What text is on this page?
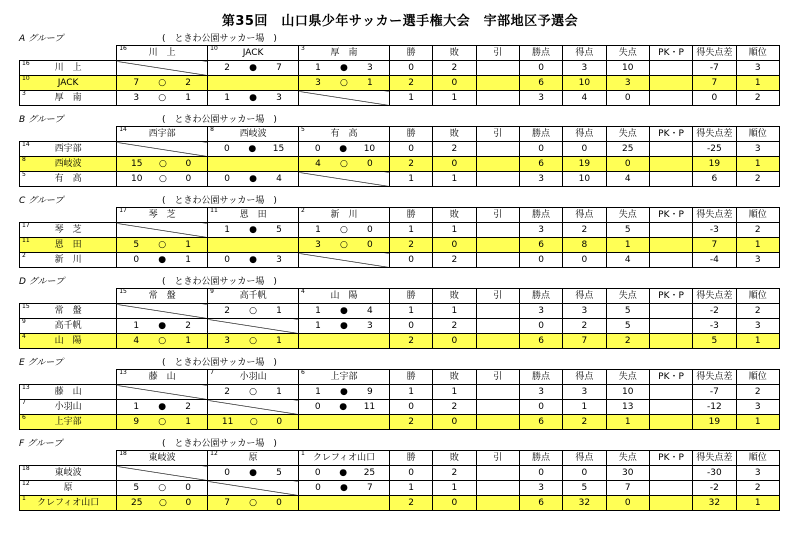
第35回　山口県少年サッカー選手権大会　宇部地区予選会
A グループ	(　ときわ公園サッカー場　)

	16 川　上	10 JACK	3 厚　南	勝	敗	引	勝点	得点	失点	PK・P	得失点差	順位

16 川　上		2 ● 7	1 ● 3	0	2		0	3	10		-7	3

10 JACK	7 ○ 2		3 ○ 1	2	0		6	10	3		7	1

3 厚　南	3 ○ 1	1 ● 3		1	1		3	4	0		0	2
B グループ	(　ときわ公園サッカー場　)

	14 西宇部	8 西岐波	5 有　高	勝	敗	引	勝点	得点	失点	PK・P	得失点差	順位

14 西宇部		0 ● 15	0 ● 10	0	2		0	0	25		-25	3

8 西岐波	15 ○ 0		4 ○ 0	2	0		6	19	0		19	1

5 有　高	10 ○ 0	0 ● 4		1	1		3	10	4		6	2
C グループ	(　ときわ公園サッカー場　)

	17 琴　芝	11 恩　田	2 新　川	勝	敗	引	勝点	得点	失点	PK・P	得失点差	順位

17 琴　芝		1 ● 5	1 ○ 0	1	1		3	2	5		-3	2

11 恩　田	5 ○ 1		3 ○ 0	2	0		6	8	1		7	1

2 新　川	0 ● 1	0 ● 3		0	2		0	0	4		-4	3
D グループ	(　ときわ公園サッカー場　)

	15 常　盤	9 高千帆	4 山　陽	勝	敗	引	勝点	得点	失点	PK・P	得失点差	順位

15 常　盤		2 ○ 1	1 ● 4	1	1		3	3	5		-2	2

9 高千帆	1 ● 2		1 ● 3	0	2		0	2	5		-3	3

4 山　陽	4 ○ 1	3 ○ 1		2	0		6	7	2		5	1
E グループ	(　ときわ公園サッカー場　)

	13 藤　山	7 小羽山	6 上宇部	勝	敗	引	勝点	得点	失点	PK・P	得失点差	順位

13 藤　山		2 ○ 1	1 ● 9	1	1		3	3	10		-7	2

7 小羽山	1 ● 2		0 ● 11	0	2		0	1	13		-12	3

6 上宇部	9 ○ 1	11 ○ 0		2	0		6	2	1		19	1
F グループ	(　ときわ公園サッカー場　)

	18 東岐波	12 原	1 クレフィオ山口	勝	敗	引	勝点	得点	失点	PK・P	得失点差	順位

18 東岐波		0 ● 5	0 ● 25	0	2		0	0	30		-30	3

12 原	5 ○ 0		0 ● 7	1	1		3	5	7		-2	2

1 クレフィオ山口	25 ○ 0	7 ○ 0		2	0		6	32	0		32	1
